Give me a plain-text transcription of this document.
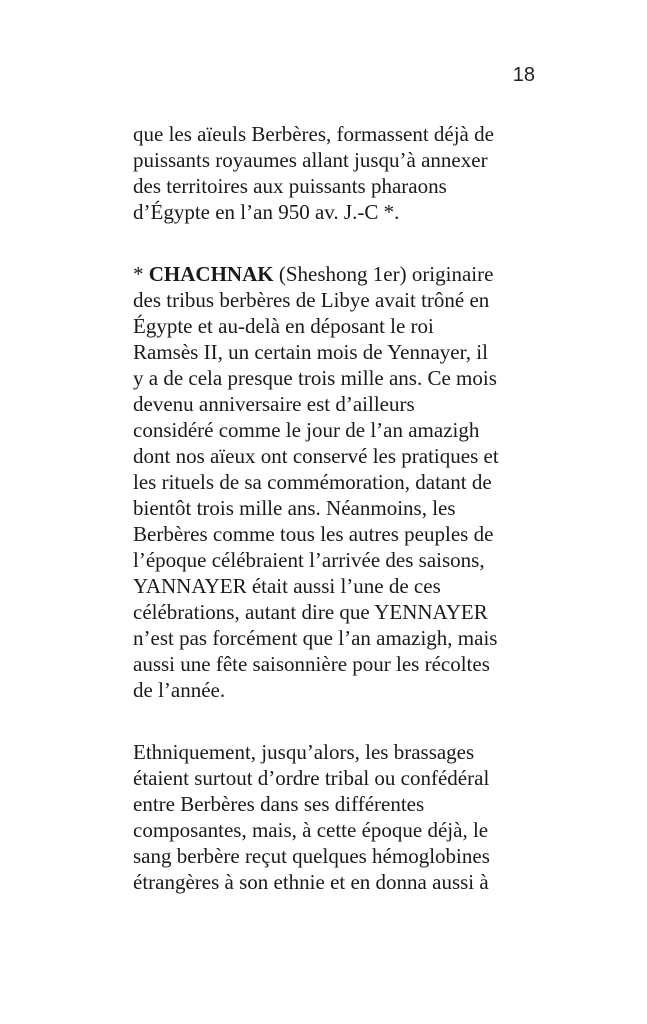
18
que les aïeuls Berbères, formassent déjà de
puissants royaumes allant jusqu’à annexer
des territoires aux puissants pharaons
d’Égypte en l’an 950 av. J.-C *.
* CHACHNAK (Sheshong 1er) originaire
des tribus berbères de Libye avait trôné en
Égypte et au-delà en déposant le roi
Ramsès II, un certain mois de Yennayer, il
y a de cela presque trois mille ans. Ce mois
devenu anniversaire est d’ailleurs
considéré comme le jour de l’an amazigh
dont nos aïeux ont conservé les pratiques et
les rituels de sa commémoration, datant de
bientôt trois mille ans. Néanmoins, les
Berbères comme tous les autres peuples de
l’époque célébraient l’arrivée des saisons,
YANNAYER était aussi l’une de ces
célébrations, autant dire que YENNAYER
n’est pas forcément que l’an amazigh, mais
aussi une fête saisonnière pour les récoltes
de l’année.
Ethniquement, jusqu’alors, les brassages
étaient surtout d’ordre tribal ou confédéral
entre Berbères dans ses différentes
composantes, mais, à cette époque déjà, le
sang berbère reçut quelques hémoglobines
étrangères à son ethnie et en donna aussi à
